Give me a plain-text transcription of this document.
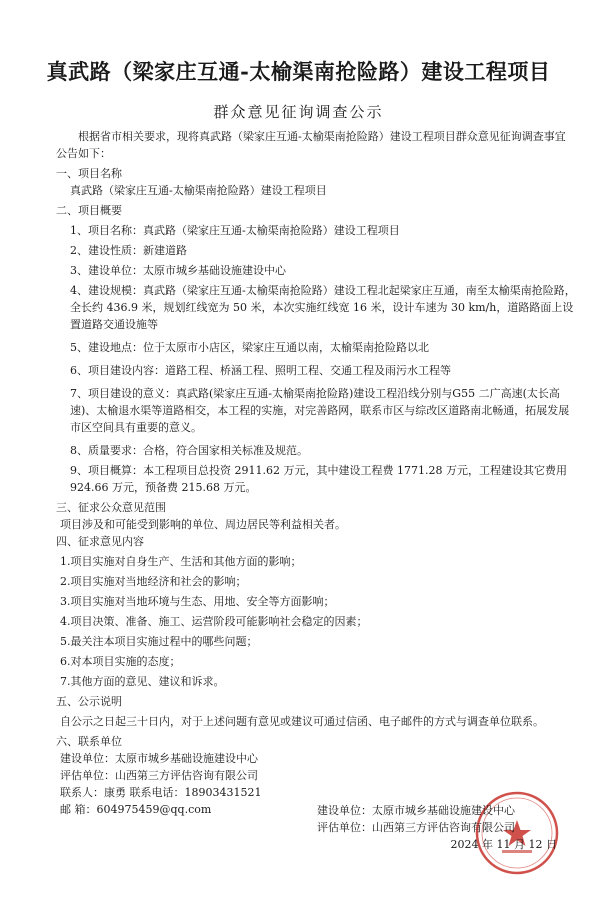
真武路（梁家庄互通-太榆渠南抢险路）建设工程项目
群众意见征询调查公示

根据省市相关要求，现将真武路（梁家庄互通-太榆渠南抢险路）建设工程项目群众意见征询调查事宜公告如下：

一、项目名称

真武路（梁家庄互通-太榆渠南抢险路）建设工程项目

二、项目概要

1、项目名称：真武路（梁家庄互通-太榆渠南抢险路）建设工程项目

2、建设性质：新建道路

3、建设单位：太原市城乡基础设施建设中心

4、建设规模：真武路（梁家庄互通-太榆渠南抢险路）建设工程北起梁家庄互通，南至太榆渠南抢险路，全长约 436.9 米，规划红线宽为 50 米，本次实施红线宽 16 米，设计车速为 30 km/h，道路路面上设置道路交通设施等

5、建设地点：位于太原市小店区，梁家庄互通以南，太榆渠南抢险路以北

6、项目建设内容：道路工程、桥涵工程、照明工程、交通工程及雨污水工程等

7、项目建设的意义：真武路(梁家庄互通-太榆渠南抢险路)建设工程沿线分别与G55 二广高速(太长高速)、太榆退水渠等道路相交，本工程的实施，对完善路网，联系市区与综改区道路南北畅通，拓展发展市区空间具有重要的意义。

8、质量要求：合格，符合国家相关标准及规范。

9、项目概算：本工程项目总投资 2911.62 万元，其中建设工程费 1771.28 万元，工程建设其它费用 924.66 万元，预备费 215.68 万元。

三、征求公众意见范围

项目涉及和可能受到影响的单位、周边居民等利益相关者。

四、征求意见内容

1.项目实施对自身生产、生活和其他方面的影响；

2.项目实施对当地经济和社会的影响；

3.项目实施对当地环境与生态、用地、安全等方面影响；

4.项目决策、准备、施工、运营阶段可能影响社会稳定的因素；

5.最关注本项目实施过程中的哪些问题；

6.对本项目实施的态度；

7.其他方面的意见、建议和诉求。

五、公示说明

自公示之日起三十日内，对于上述问题有意见或建议可通过信函、电子邮件的方式与调查单位联系。

六、联系单位

建设单位：太原市城乡基础设施建设中心

评估单位：山西第三方评估咨询有限公司

联系人：康勇 联系电话：18903431521

邮 箱：604975459@qq.com	建设单位：太原市城乡基础设施建设中心
评估单位：山西第三方评估咨询有限公司
2024 年 11 月 12 日
